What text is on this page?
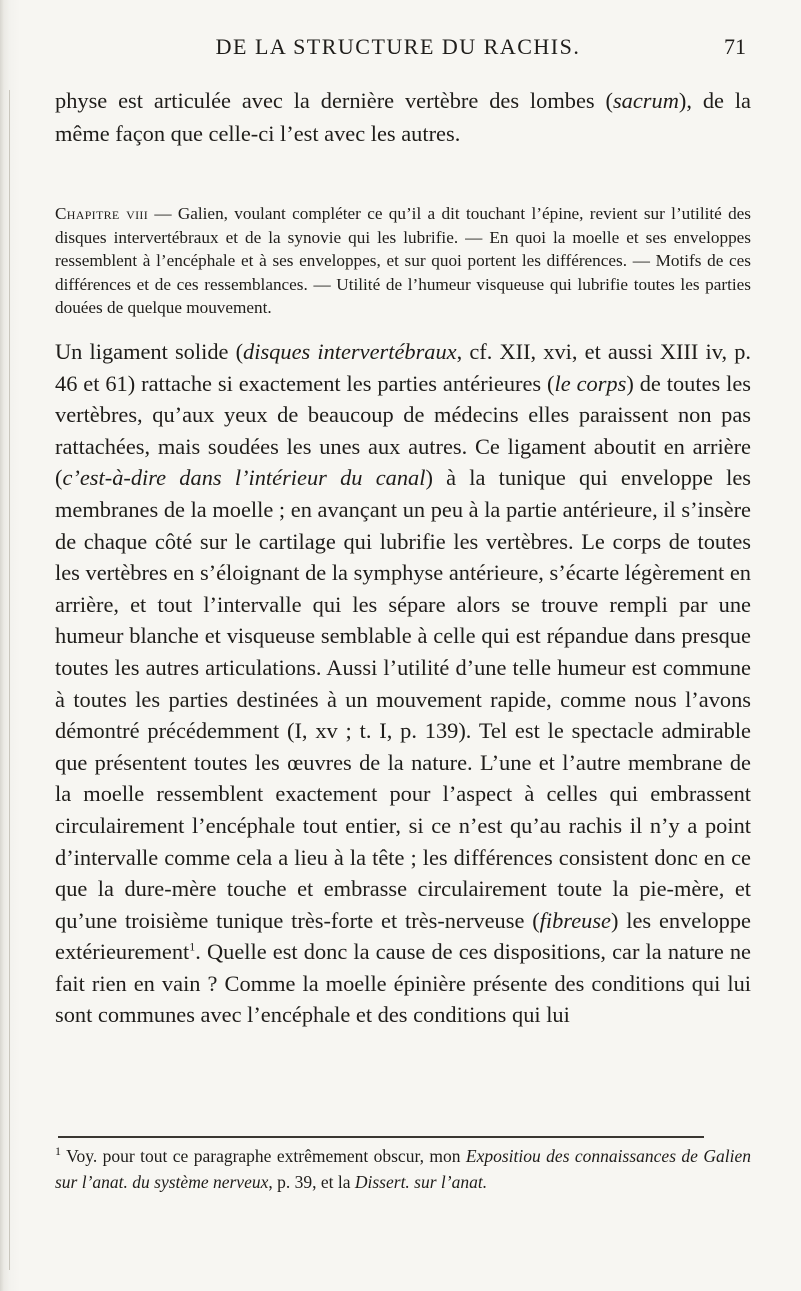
DE LA STRUCTURE DU RACHIS.	71

physe est articulée avec la dernière vertèbre des lombes (sacrum), de la même façon que celle-ci l’est avec les autres.

Chapitre viii — Galien, voulant compléter ce qu’il a dit touchant l’épine, revient sur l’utilité des disques intervertébraux et de la synovie qui les lubrifie. — En quoi la moelle et ses enveloppes ressemblent à l’encéphale et à ses enveloppes, et sur quoi portent les différences. — Motifs de ces différences et de ces ressemblances. — Utilité de l’humeur visqueuse qui lubrifie toutes les parties douées de quelque mouvement.

Un ligament solide (disques intervertébraux, cf. XII, xvi, et aussi XIII iv, p. 46 et 61) rattache si exactement les parties antérieures (le corps) de toutes les vertèbres, qu’aux yeux de beaucoup de médecins elles paraissent non pas rattachées, mais soudées les unes aux autres. Ce ligament aboutit en arrière (c’est-à-dire dans l’intérieur du canal) à la tunique qui enveloppe les membranes de la moelle ; en avançant un peu à la partie antérieure, il s’insère de chaque côté sur le cartilage qui lubrifie les vertèbres. Le corps de toutes les vertèbres en s’éloignant de la symphyse antérieure, s’écarte légèrement en arrière, et tout l’intervalle qui les sépare alors se trouve rempli par une humeur blanche et visqueuse semblable à celle qui est répandue dans presque toutes les autres articulations. Aussi l’utilité d’une telle humeur est commune à toutes les parties destinées à un mouvement rapide, comme nous l’avons démontré précédemment (I, xv ; t. I, p. 139). Tel est le spectacle admirable que présentent toutes les œuvres de la nature. L’une et l’autre membrane de la moelle ressemblent exactement pour l’aspect à celles qui embrassent circulairement l’encéphale tout entier, si ce n’est qu’au rachis il n’y a point d’intervalle comme cela a lieu à la tête ; les différences consistent donc en ce que la dure-mère touche et embrasse circulairement toute la pie-mère, et qu’une troisième tunique très-forte et très-nerveuse (fibreuse) les enveloppe extérieurement$^1$. Quelle est donc la cause de ces dispositions, car la nature ne fait rien en vain ? Comme la moelle épinière présente des conditions qui lui sont communes avec l’encéphale et des conditions qui lui

$^1$ Voy. pour tout ce paragraphe extrêmement obscur, mon Expositiou des connaissances de Galien sur l’anat. du système nerveux, p. 39, et la Dissert. sur l’anat.
